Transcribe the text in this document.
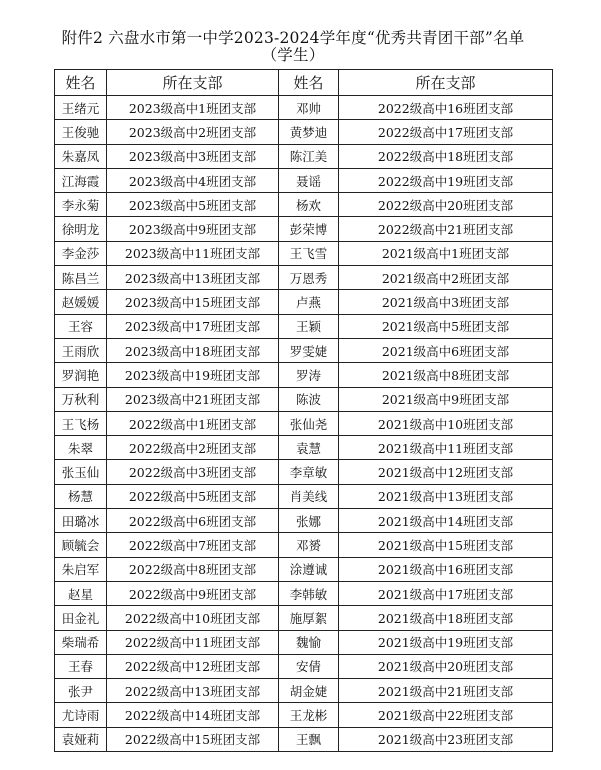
附件2 六盘水市第一中学2023-2024学年度“优秀共青团干部”名单（学生）
姓名	所在支部	姓名	所在支部
王绪元	2023级高中1班团支部	邓帅	2022级高中16班团支部
王俊驰	2023级高中2班团支部	黄梦迪	2022级高中17班团支部
朱嘉凤	2023级高中3班团支部	陈江美	2022级高中18班团支部
江海霞	2023级高中4班团支部	聂谣	2022级高中19班团支部
李永菊	2023级高中5班团支部	杨欢	2022级高中20班团支部
徐明龙	2023级高中9班团支部	彭荣博	2022级高中21班团支部
李金莎	2023级高中11班团支部	王飞雪	2021级高中1班团支部
陈昌兰	2023级高中13班团支部	万恩秀	2021级高中2班团支部
赵媛媛	2023级高中15班团支部	卢燕	2021级高中3班团支部
王容	2023级高中17班团支部	王颖	2021级高中5班团支部
王雨欣	2023级高中18班团支部	罗雯婕	2021级高中6班团支部
罗润艳	2023级高中19班团支部	罗涛	2021级高中8班团支部
万秋利	2023级高中21班团支部	陈波	2021级高中9班团支部
王飞杨	2022级高中1班团支部	张仙尧	2021级高中10班团支部
朱翠	2022级高中2班团支部	袁慧	2021级高中11班团支部
张玉仙	2022级高中3班团支部	李章敏	2021级高中12班团支部
杨慧	2022级高中5班团支部	肖美线	2021级高中13班团支部
田璐冰	2022级高中6班团支部	张娜	2021级高中14班团支部
顾毓会	2022级高中7班团支部	邓赟	2021级高中15班团支部
朱启军	2022级高中8班团支部	涂遵诚	2021级高中16班团支部
赵星	2022级高中9班团支部	李韩敏	2021级高中17班团支部
田金礼	2022级高中10班团支部	施厚絮	2021级高中18班团支部
柴瑞希	2022级高中11班团支部	魏愉	2021级高中19班团支部
王春	2022级高中12班团支部	安倩	2021级高中20班团支部
张尹	2022级高中13班团支部	胡金婕	2021级高中21班团支部
尤诗雨	2022级高中14班团支部	王龙彬	2021级高中22班团支部
袁娅莉	2022级高中15班团支部	王飘	2021级高中23班团支部
